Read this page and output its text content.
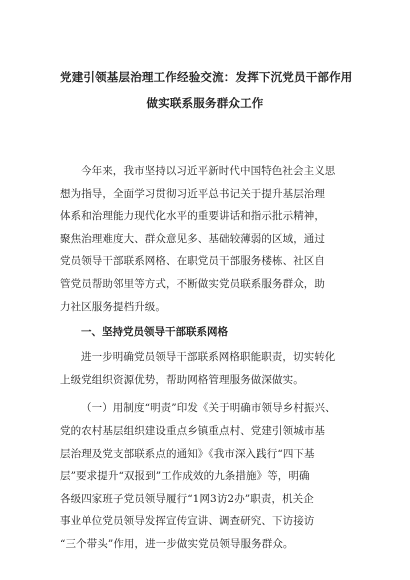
党建引领基层治理工作经验交流：发挥下沉党员干部作用
做实联系服务群众工作

今年来，我市坚持以习近平新时代中国特色社会主义思
想为指导，全面学习贯彻习近平总书记关于提升基层治理
体系和治理能力现代化水平的重要讲话和指示批示精神，
聚焦治理难度大、群众意见多、基础较薄弱的区域，通过
党员领导干部联系网格、在职党员干部服务楼栋、社区自
管党员帮助邻里等方式，不断做实党员联系服务群众，助
力社区服务提档升级。

一、坚持党员领导干部联系网格

进一步明确党员领导干部联系网格职能职责，切实转化
上级党组织资源优势，帮助网格管理服务做深做实。

（一）用制度“明责”印发《关于明确市领导乡村振兴、
党的农村基层组织建设重点乡镇重点村、党建引领城市基
层治理及党支部联系点的通知》《我市深入践行“四下基
层”要求提升“双报到”工作成效的九条措施》等，明确
各级四家班子党员领导履行“1网3访2办”职责，机关企
事业单位党员领导发挥宣传宣讲、调查研究、下访接访
“三个带头”作用，进一步做实党员领导服务群众。
